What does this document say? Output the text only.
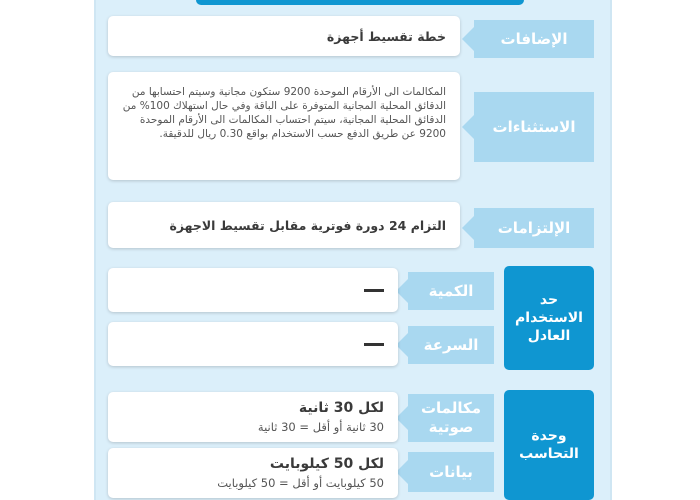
الإضافات
خطة تقسيط أجهزة
الاستثناءات
المكالمات الى الأرقام الموحدة 9200 ستكون مجانية وسيتم احتسابها من الدقائق المحلية المجانية المتوفرة على الباقة وفي حال استهلاك 100% من الدقائق المحلية المجانية، سيتم احتساب المكالمات الى الأرقام الموحدة 9200 عن طريق الدفع حسب الاستخدام بواقع 0.30 ريال للدقيقة.
الإلتزامات
التزام 24 دورة فوترية مقابل تقسيط الاجهزة
حد الاستخدام العادل
الكمية
السرعة
وحدة التحاسب
مكالمات صوتية
لكل 30 ثانية
30 ثانية أو أقل = 30 ثانية
بيانات
لكل 50 كيلوبايت
50 كيلوبايت أو أقل = 50 كيلوبايت
